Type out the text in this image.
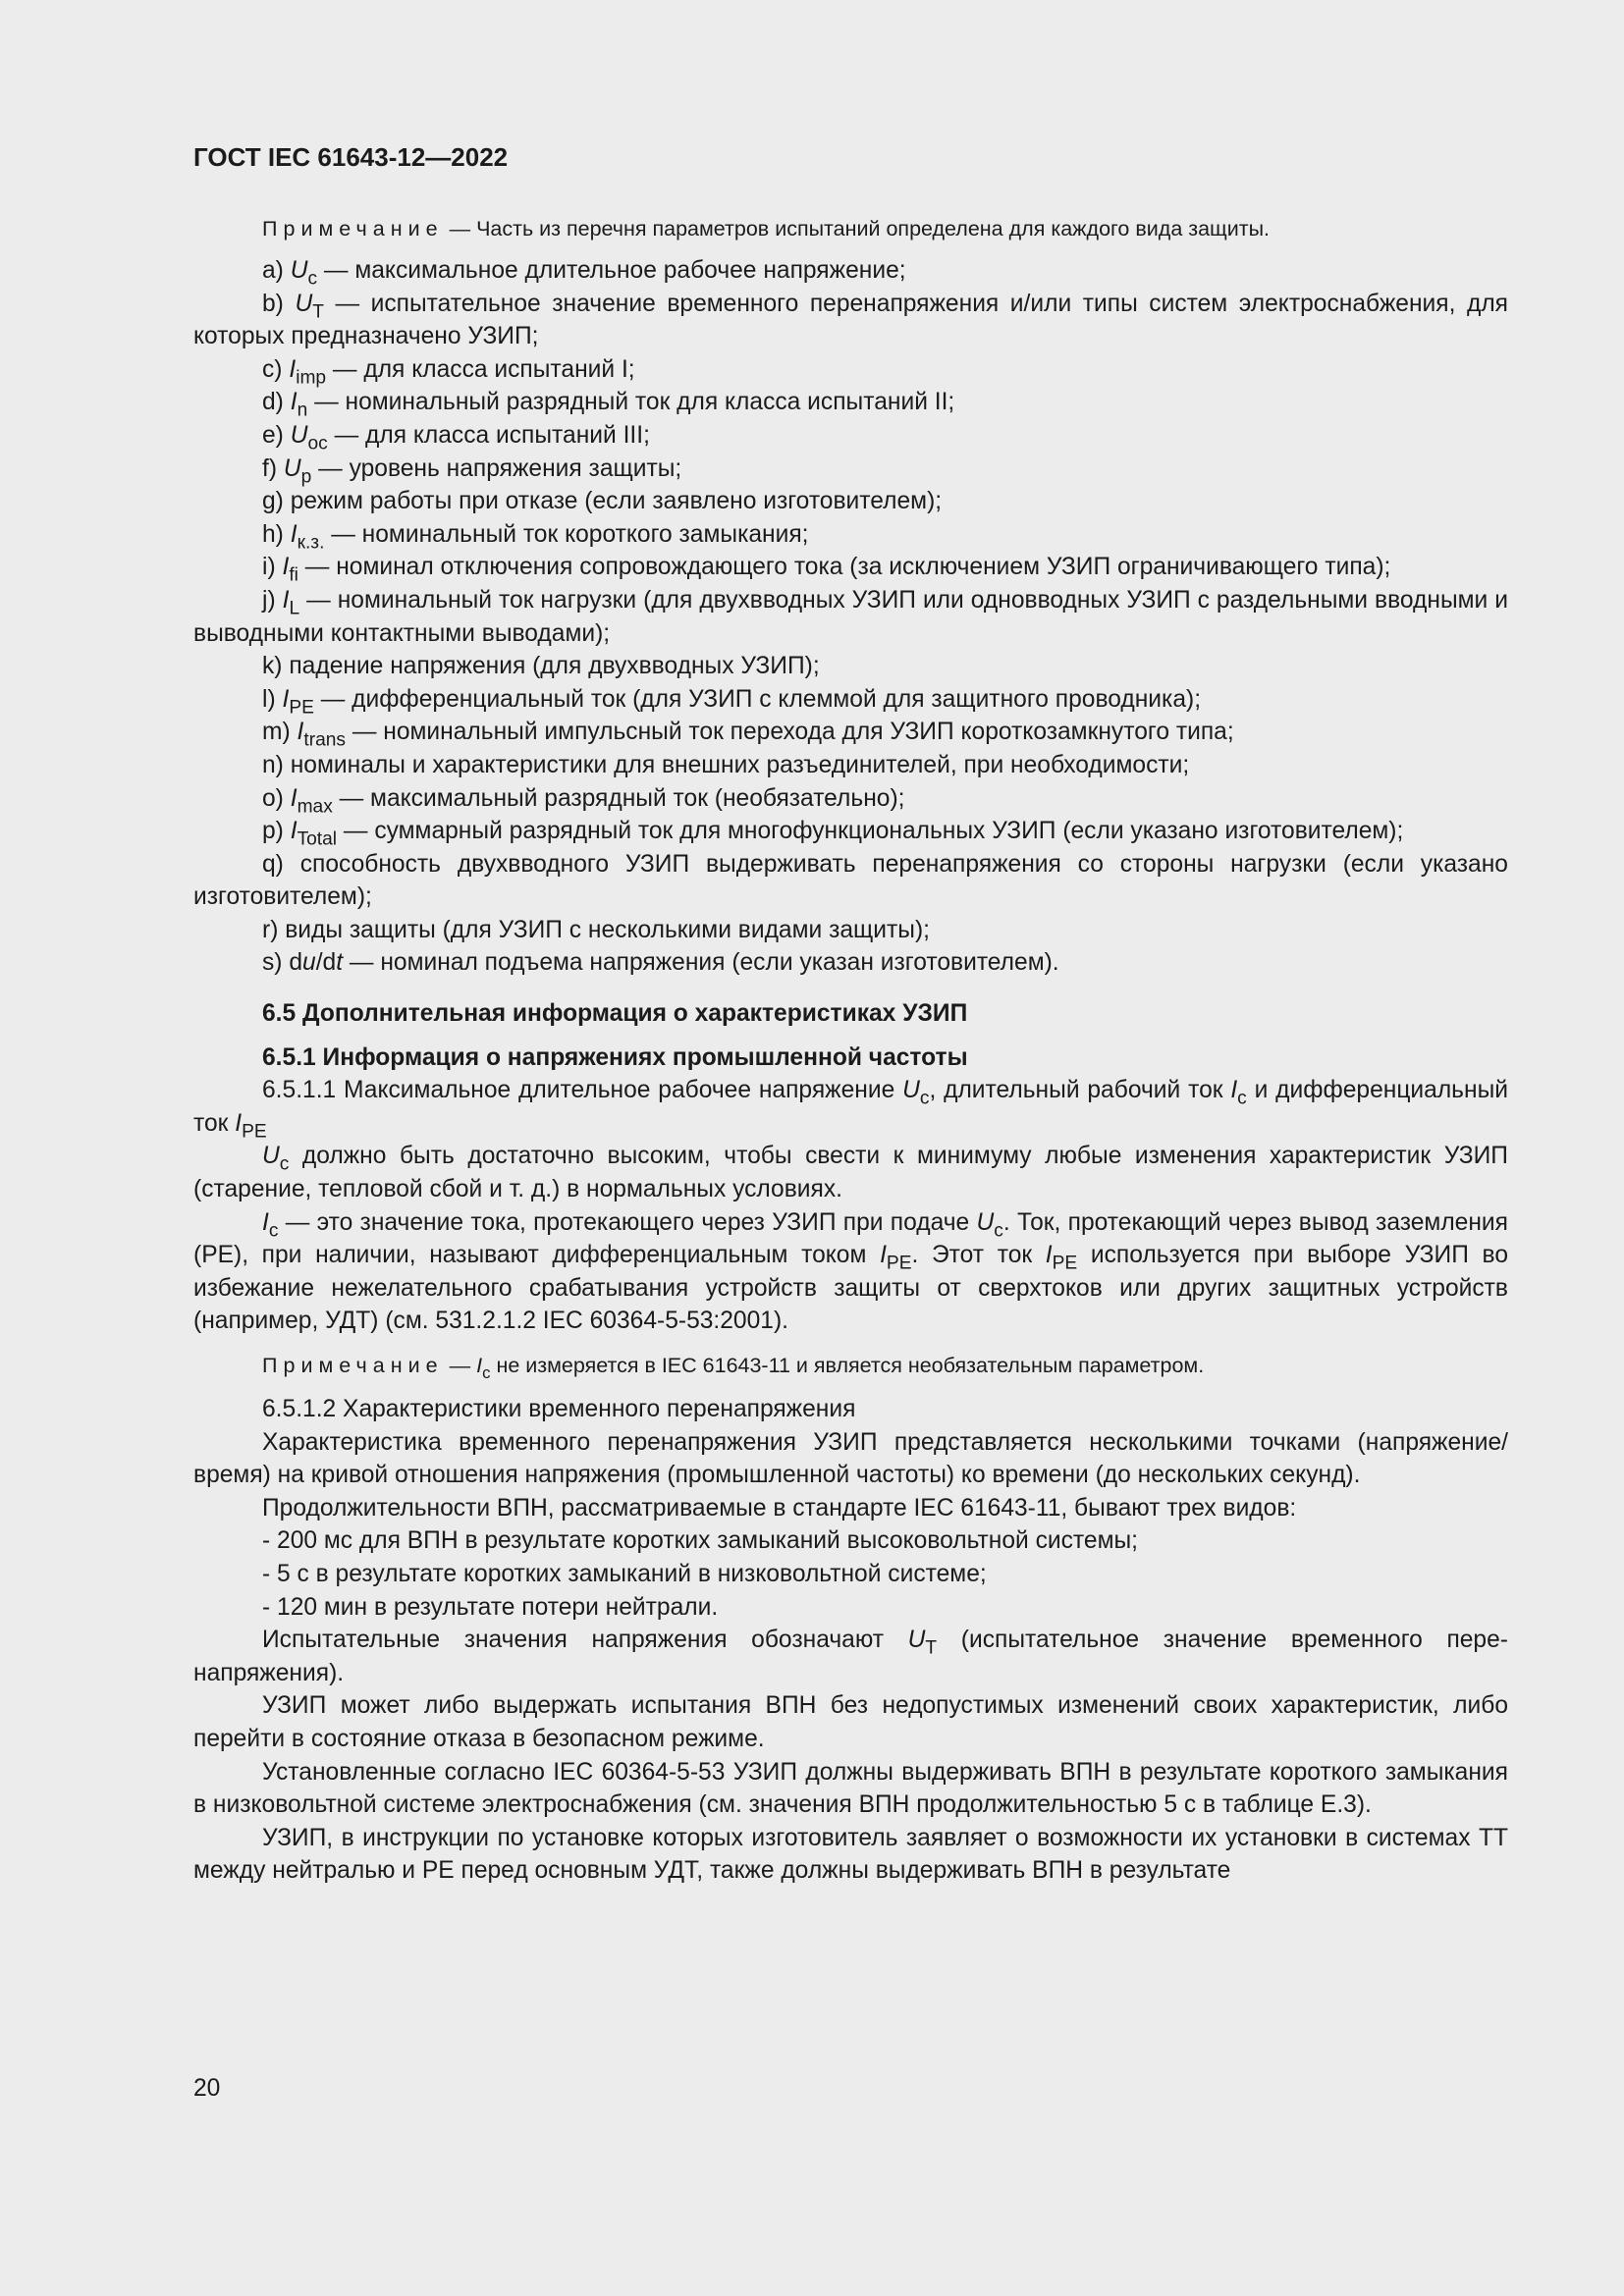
ГОСТ IEC 61643-12—2022

Примечание — Часть из перечня параметров испытаний определена для каждого вида защиты.

а) $U_c$ — максимальное длительное рабочее напряжение;

b) $U_T$ — испытательное значение временного перенапряжения и/или типы систем электроснабжения, для которых предназначено УЗИП;

c) $I_{imp}$ — для класса испытаний I;

d) $I_n$ — номинальный разрядный ток для класса испытаний II;

e) $U_{oc}$ — для класса испытаний III;

f) $U_p$ — уровень напряжения защиты;

g) режим работы при отказе (если заявлено изготовителем);

h) $I_{к.з.}$ — номинальный ток короткого замыкания;

i) $I_{fi}$ — номинал отключения сопровождающего тока (за исключением УЗИП ограничивающего типа);

j) $I_L$ — номинальный ток нагрузки (для двухвводных УЗИП или одновводных УЗИП с раздельными вводными и выводными контактными выводами);

k) падение напряжения (для двухвводных УЗИП);

l) $I_{PE}$ — дифференциальный ток (для УЗИП с клеммой для защитного проводника);

m) $I_{trans}$ — номинальный импульсный ток перехода для УЗИП короткозамкнутого типа;

n) номиналы и характеристики для внешних разъединителей, при необходимости;

o) $I_{max}$ — максимальный разрядный ток (необязательно);

p) $I_{Total}$ — суммарный разрядный ток для многофункциональных УЗИП (если указано изготовителем);

q) способность двухвводного УЗИП выдерживать перенапряжения со стороны нагрузки (если указано изготовителем);

r) виды защиты (для УЗИП с несколькими видами защиты);

s) du/dt — номинал подъема напряжения (если указан изготовителем).

6.5 Дополнительная информация о характеристиках УЗИП

6.5.1 Информация о напряжениях промышленной частоты

6.5.1.1 Максимальное длительное рабочее напряжение $U_c$, длительный рабочий ток $I_c$ и дифференциальный ток $I_{PE}$

$U_c$ должно быть достаточно высоким, чтобы свести к минимуму любые изменения характеристик УЗИП (старение, тепловой сбой и т. д.) в нормальных условиях.

$I_c$ — это значение тока, протекающего через УЗИП при подаче $U_c$. Ток, протекающий через вывод заземления (PE), при наличии, называют дифференциальным током $I_{PE}$. Этот ток $I_{PE}$ используется при выборе УЗИП во избежание нежелательного срабатывания устройств защиты от сверхтоков или других защитных устройств (например, УДТ) (см. 531.2.1.2 IEC 60364-5-53:2001).

Примечание — $I_c$ не измеряется в IEC 61643-11 и является необязательным параметром.

6.5.1.2 Характеристики временного перенапряжения

Характеристика временного перенапряжения УЗИП представляется несколькими точками (напряжение/время) на кривой отношения напряжения (промышленной частоты) ко времени (до нескольких секунд).

Продолжительности ВПН, рассматриваемые в стандарте IEC 61643-11, бывают трех видов:

- 200 мс для ВПН в результате коротких замыканий высоковольтной системы;

- 5 с в результате коротких замыканий в низковольтной системе;

- 120 мин в результате потери нейтрали.

Испытательные значения напряжения обозначают $U_T$ (испытательное значение временного перенапряжения).

УЗИП может либо выдержать испытания ВПН без недопустимых изменений своих характеристик, либо перейти в состояние отказа в безопасном режиме.

Установленные согласно IEC 60364-5-53 УЗИП должны выдерживать ВПН в результате короткого замыкания в низковольтной системе электроснабжения (см. значения ВПН продолжительностью 5 с в таблице Е.3).

УЗИП, в инструкции по установке которых изготовитель заявляет о возможности их установки в системах ТТ между нейтралью и PE перед основным УДТ, также должны выдерживать ВПН в результате

20
